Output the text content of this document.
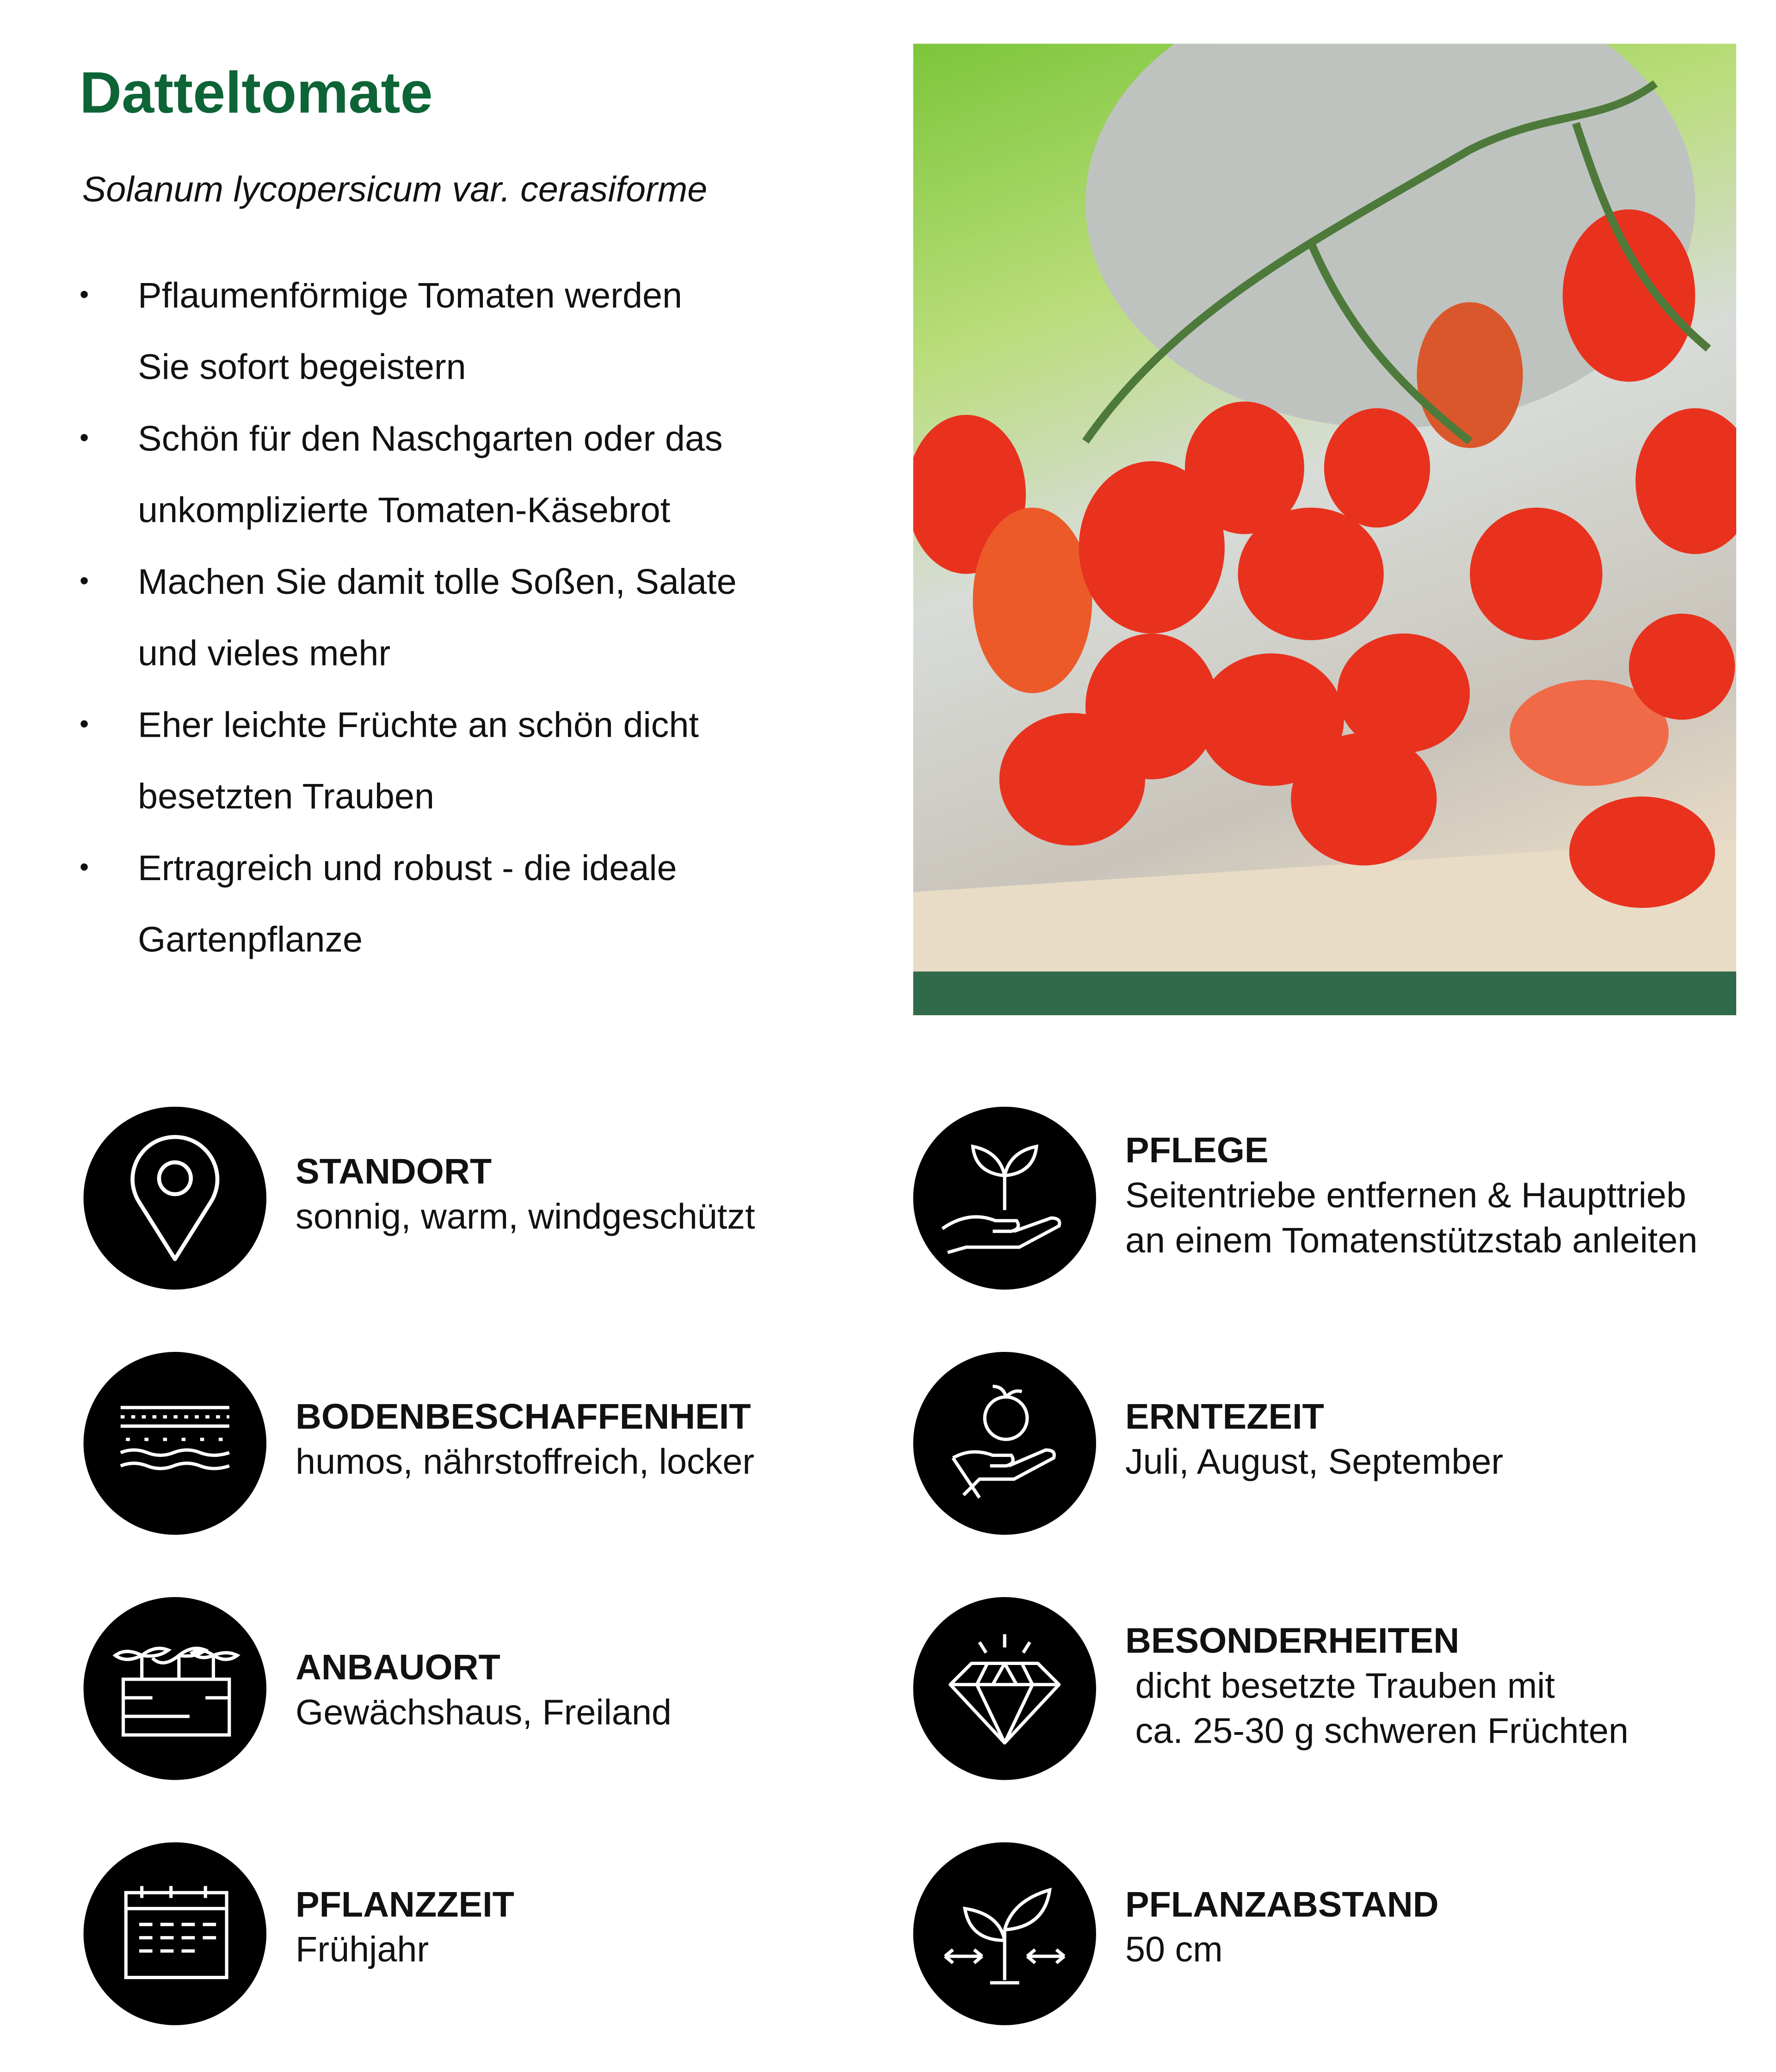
Datteltomate
Solanum lycopersicum var. cerasiforme
•	Pflaumenförmige Tomaten werden
Sie sofort begeistern
•	Schön für den Naschgarten oder das
unkomplizierte Tomaten-Käsebrot
•	Machen Sie damit tolle Soßen, Salate
und vieles mehr
•	Eher leichte Früchte an schön dicht
besetzten Trauben
•	Ertragreich und robust - die ideale
Gartenpflanze
STANDORT
sonnig, warm, windgeschützt
BODENBESCHAFFENHEIT
humos, nährstoffreich, locker
ANBAUORT
Gewächshaus, Freiland
PFLANZZEIT
Frühjahr
PFLEGE
Seitentriebe entfernen & Haupttrieb
an einem Tomatenstützstab anleiten
ERNTEZEIT
Juli, August, September
BESONDERHEITEN
dicht besetzte Trauben mit
ca. 25-30 g schweren Früchten
PFLANZABSTAND
50 cm
